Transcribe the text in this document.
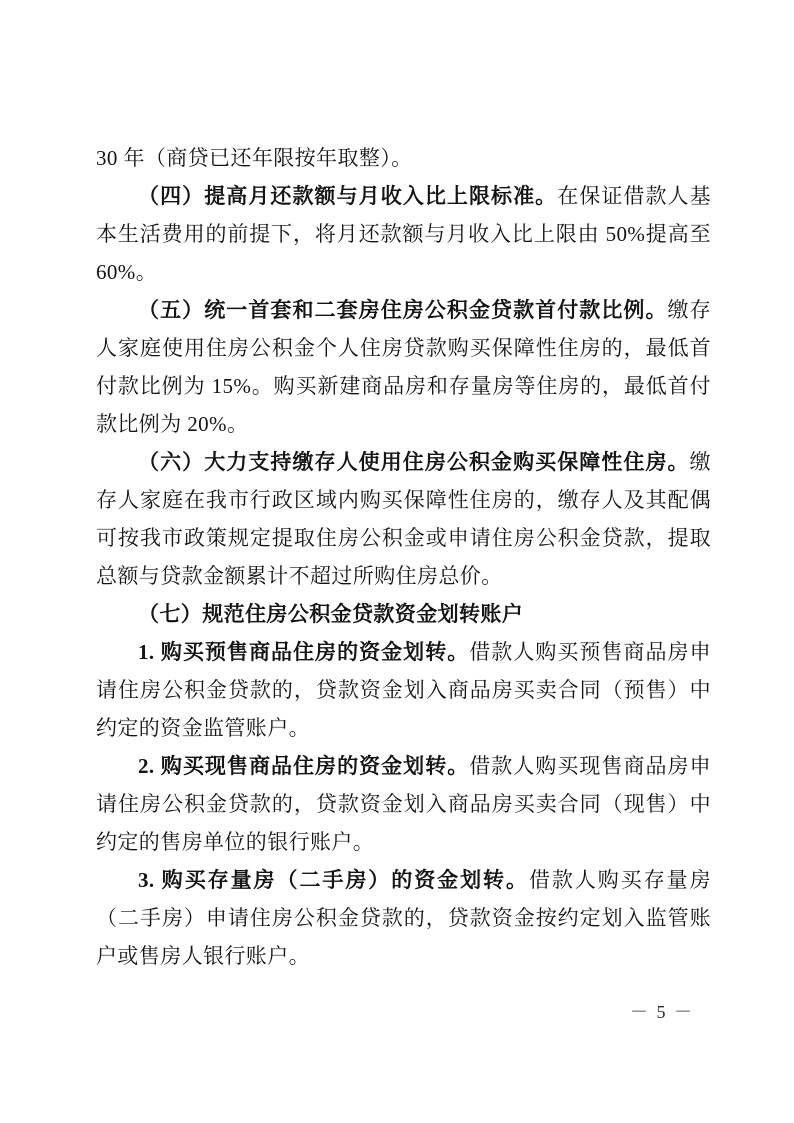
30 年（商贷已还年限按年取整）。

（四）提高月还款额与月收入比上限标准。在保证借款人基本生活费用的前提下，将月还款额与月收入比上限由 50%提高至 60%。

（五）统一首套和二套房住房公积金贷款首付款比例。缴存人家庭使用住房公积金个人住房贷款购买保障性住房的，最低首付款比例为 15%。购买新建商品房和存量房等住房的，最低首付款比例为 20%。

（六）大力支持缴存人使用住房公积金购买保障性住房。缴存人家庭在我市行政区域内购买保障性住房的，缴存人及其配偶可按我市政策规定提取住房公积金或申请住房公积金贷款，提取总额与贷款金额累计不超过所购住房总价。

（七）规范住房公积金贷款资金划转账户

1. 购买预售商品住房的资金划转。借款人购买预售商品房申请住房公积金贷款的，贷款资金划入商品房买卖合同（预售）中约定的资金监管账户。

2. 购买现售商品住房的资金划转。借款人购买现售商品房申请住房公积金贷款的，贷款资金划入商品房买卖合同（现售）中约定的售房单位的银行账户。

3. 购买存量房（二手房）的资金划转。借款人购买存量房（二手房）申请住房公积金贷款的，贷款资金按约定划入监管账户或售房人银行账户。

－ 5 －
